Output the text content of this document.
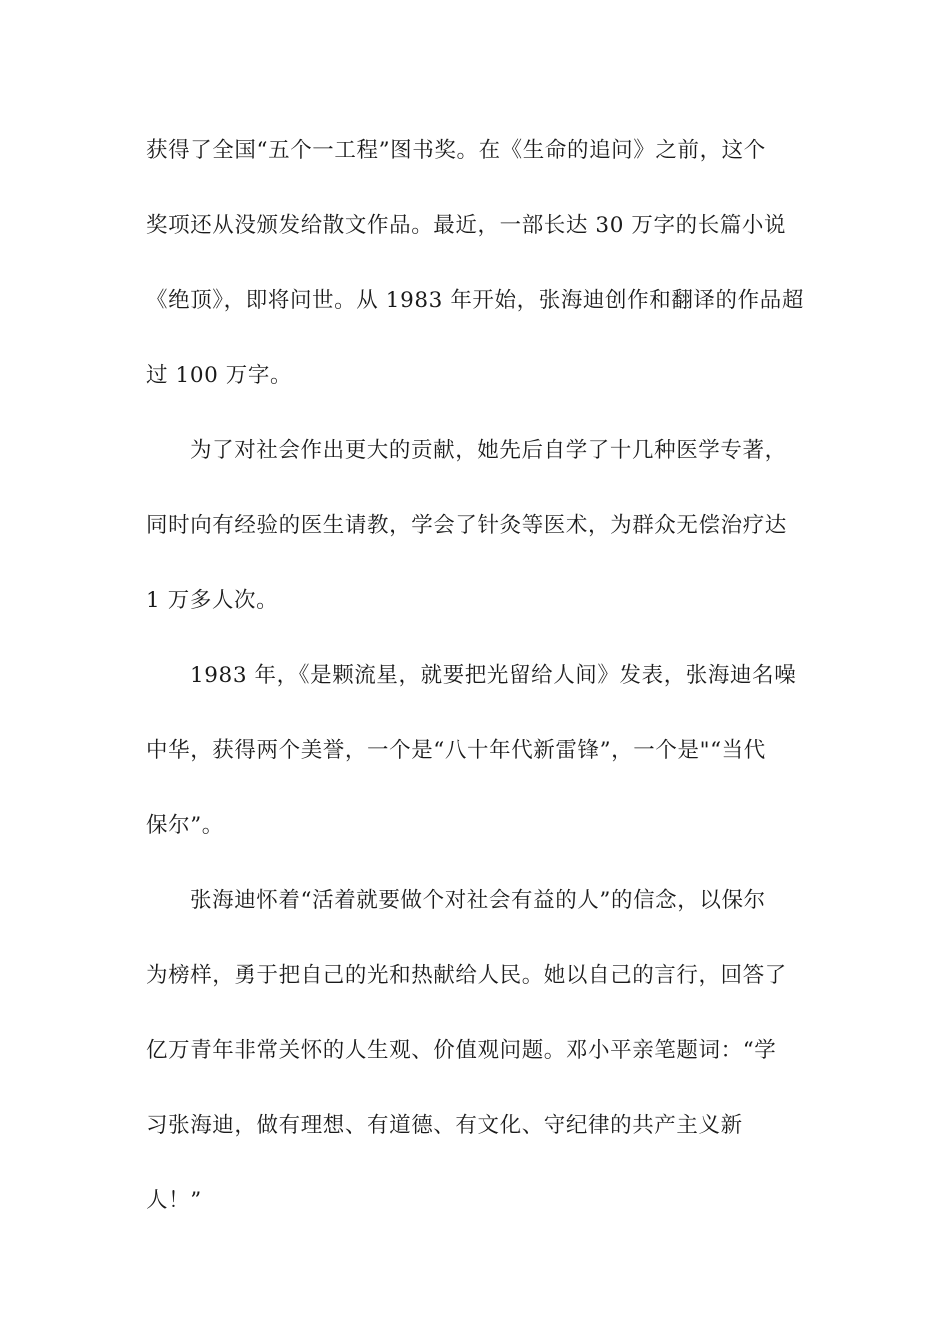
获得了全国“五个一工程”图书奖。在《生命的追问》之前，这个
奖项还从没颁发给散文作品。最近，一部长达 30 万字的长篇小说
《绝顶》，即将问世。从 1983 年开始，张海迪创作和翻译的作品超
过 100 万字。
为了对社会作出更大的贡献，她先后自学了十几种医学专著，
同时向有经验的医生请教，学会了针灸等医术，为群众无偿治疗达
1 万多人次。
1983 年，《是颗流星，就要把光留给人间》发表，张海迪名噪
中华，获得两个美誉，一个是“八十年代新雷锋”，一个是"“当代
保尔”。
张海迪怀着“活着就要做个对社会有益的人”的信念，以保尔
为榜样，勇于把自己的光和热献给人民。她以自己的言行，回答了
亿万青年非常关怀的人生观、价值观问题。邓小平亲笔题词：“学
习张海迪，做有理想、有道德、有文化、守纪律的共产主义新
人！”
